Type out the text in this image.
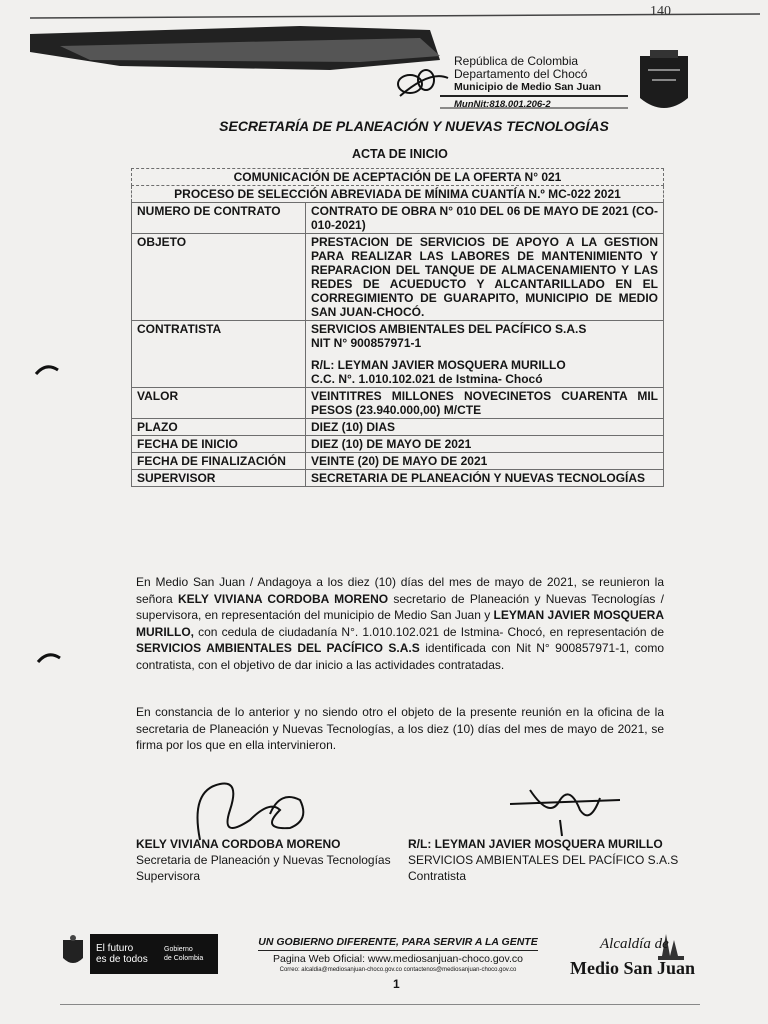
140
República de Colombia
Departamento del Chocó
Municipio de Medio San Juan
MunNit:818.001.206-2
SECRETARÍA DE PLANEACIÓN Y NUEVAS TECNOLOGÍAS
ACTA DE INICIO
COMUNICACIÓN DE ACEPTACIÓN DE LA OFERTA N° 021	
PROCESO DE SELECCIÓN ABREVIADA DE MÍNIMA CUANTÍA N.º MC-022 2021	
NUMERO DE CONTRATO	CONTRATO DE OBRA N° 010 DEL 06 DE MAYO DE 2021 (CO-010-2021)
OBJETO	PRESTACION DE SERVICIOS DE APOYO A LA GESTION PARA REALIZAR LAS LABORES DE MANTENIMIENTO Y REPARACION DEL TANQUE DE ALMACENAMIENTO Y LAS REDES DE ACUEDUCTO Y ALCANTARILLADO EN EL CORREGIMIENTO DE GUARAPITO, MUNICIPIO DE MEDIO SAN JUAN-CHOCÓ.
CONTRATISTA	SERVICIOS AMBIENTALES DEL PACÍFICO S.A.S
NIT N° 900857971-1
R/L: LEYMAN JAVIER MOSQUERA MURILLO
C.C. N°. 1.010.102.021 de Istmina- Chocó

VALOR	VEINTITRES MILLONES NOVECINETOS CUARENTA MIL PESOS (23.940.000,00) M/CTE
PLAZO	DIEZ (10) DIAS
FECHA DE INICIO	DIEZ (10) DE MAYO DE 2021
FECHA DE FINALIZACIÓN	VEINTE (20) DE MAYO DE 2021
SUPERVISOR	SECRETARIA DE PLANEACIÓN Y NUEVAS TECNOLOGÍAS
En Medio San Juan / Andagoya a los diez (10) días del mes de mayo de 2021, se reunieron la señora KELY VIVIANA CORDOBA MORENO secretario de Planeación y Nuevas Tecnologías / supervisora, en representación del municipio de Medio San Juan y LEYMAN JAVIER MOSQUERA MURILLO, con cedula de ciudadanía N°. 1.010.102.021 de Istmina- Chocó, en representación de SERVICIOS AMBIENTALES DEL PACÍFICO S.A.S identificada con Nit N° 900857971-1, como contratista, con el objetivo de dar inicio a las actividades contratadas.
En constancia de lo anterior y no siendo otro el objeto de la presente reunión en la oficina de la secretaria de Planeación y Nuevas Tecnologías, a los diez (10) días del mes de mayo de 2021, se firma por los que en ella intervinieron.
KELY VIVIANA CORDOBA MORENO
Secretaria de Planeación y Nuevas Tecnologías
Supervisora
R/L: LEYMAN JAVIER MOSQUERA MURILLO
SERVICIOS AMBIENTALES DEL PACÍFICO S.A.S
Contratista
El futuro
es de todos
Gobierno
de Colombia
UN GOBIERNO DIFERENTE, PARA SERVIR A LA GENTE
Pagina Web Oficial: www.mediosanjuan-choco.gov.co
Correo: alcaldia@mediosanjuan-choco.gov.co contactenos@mediosanjuan-choco.gov.co
Alcaldía de
Medio San Juan
1
